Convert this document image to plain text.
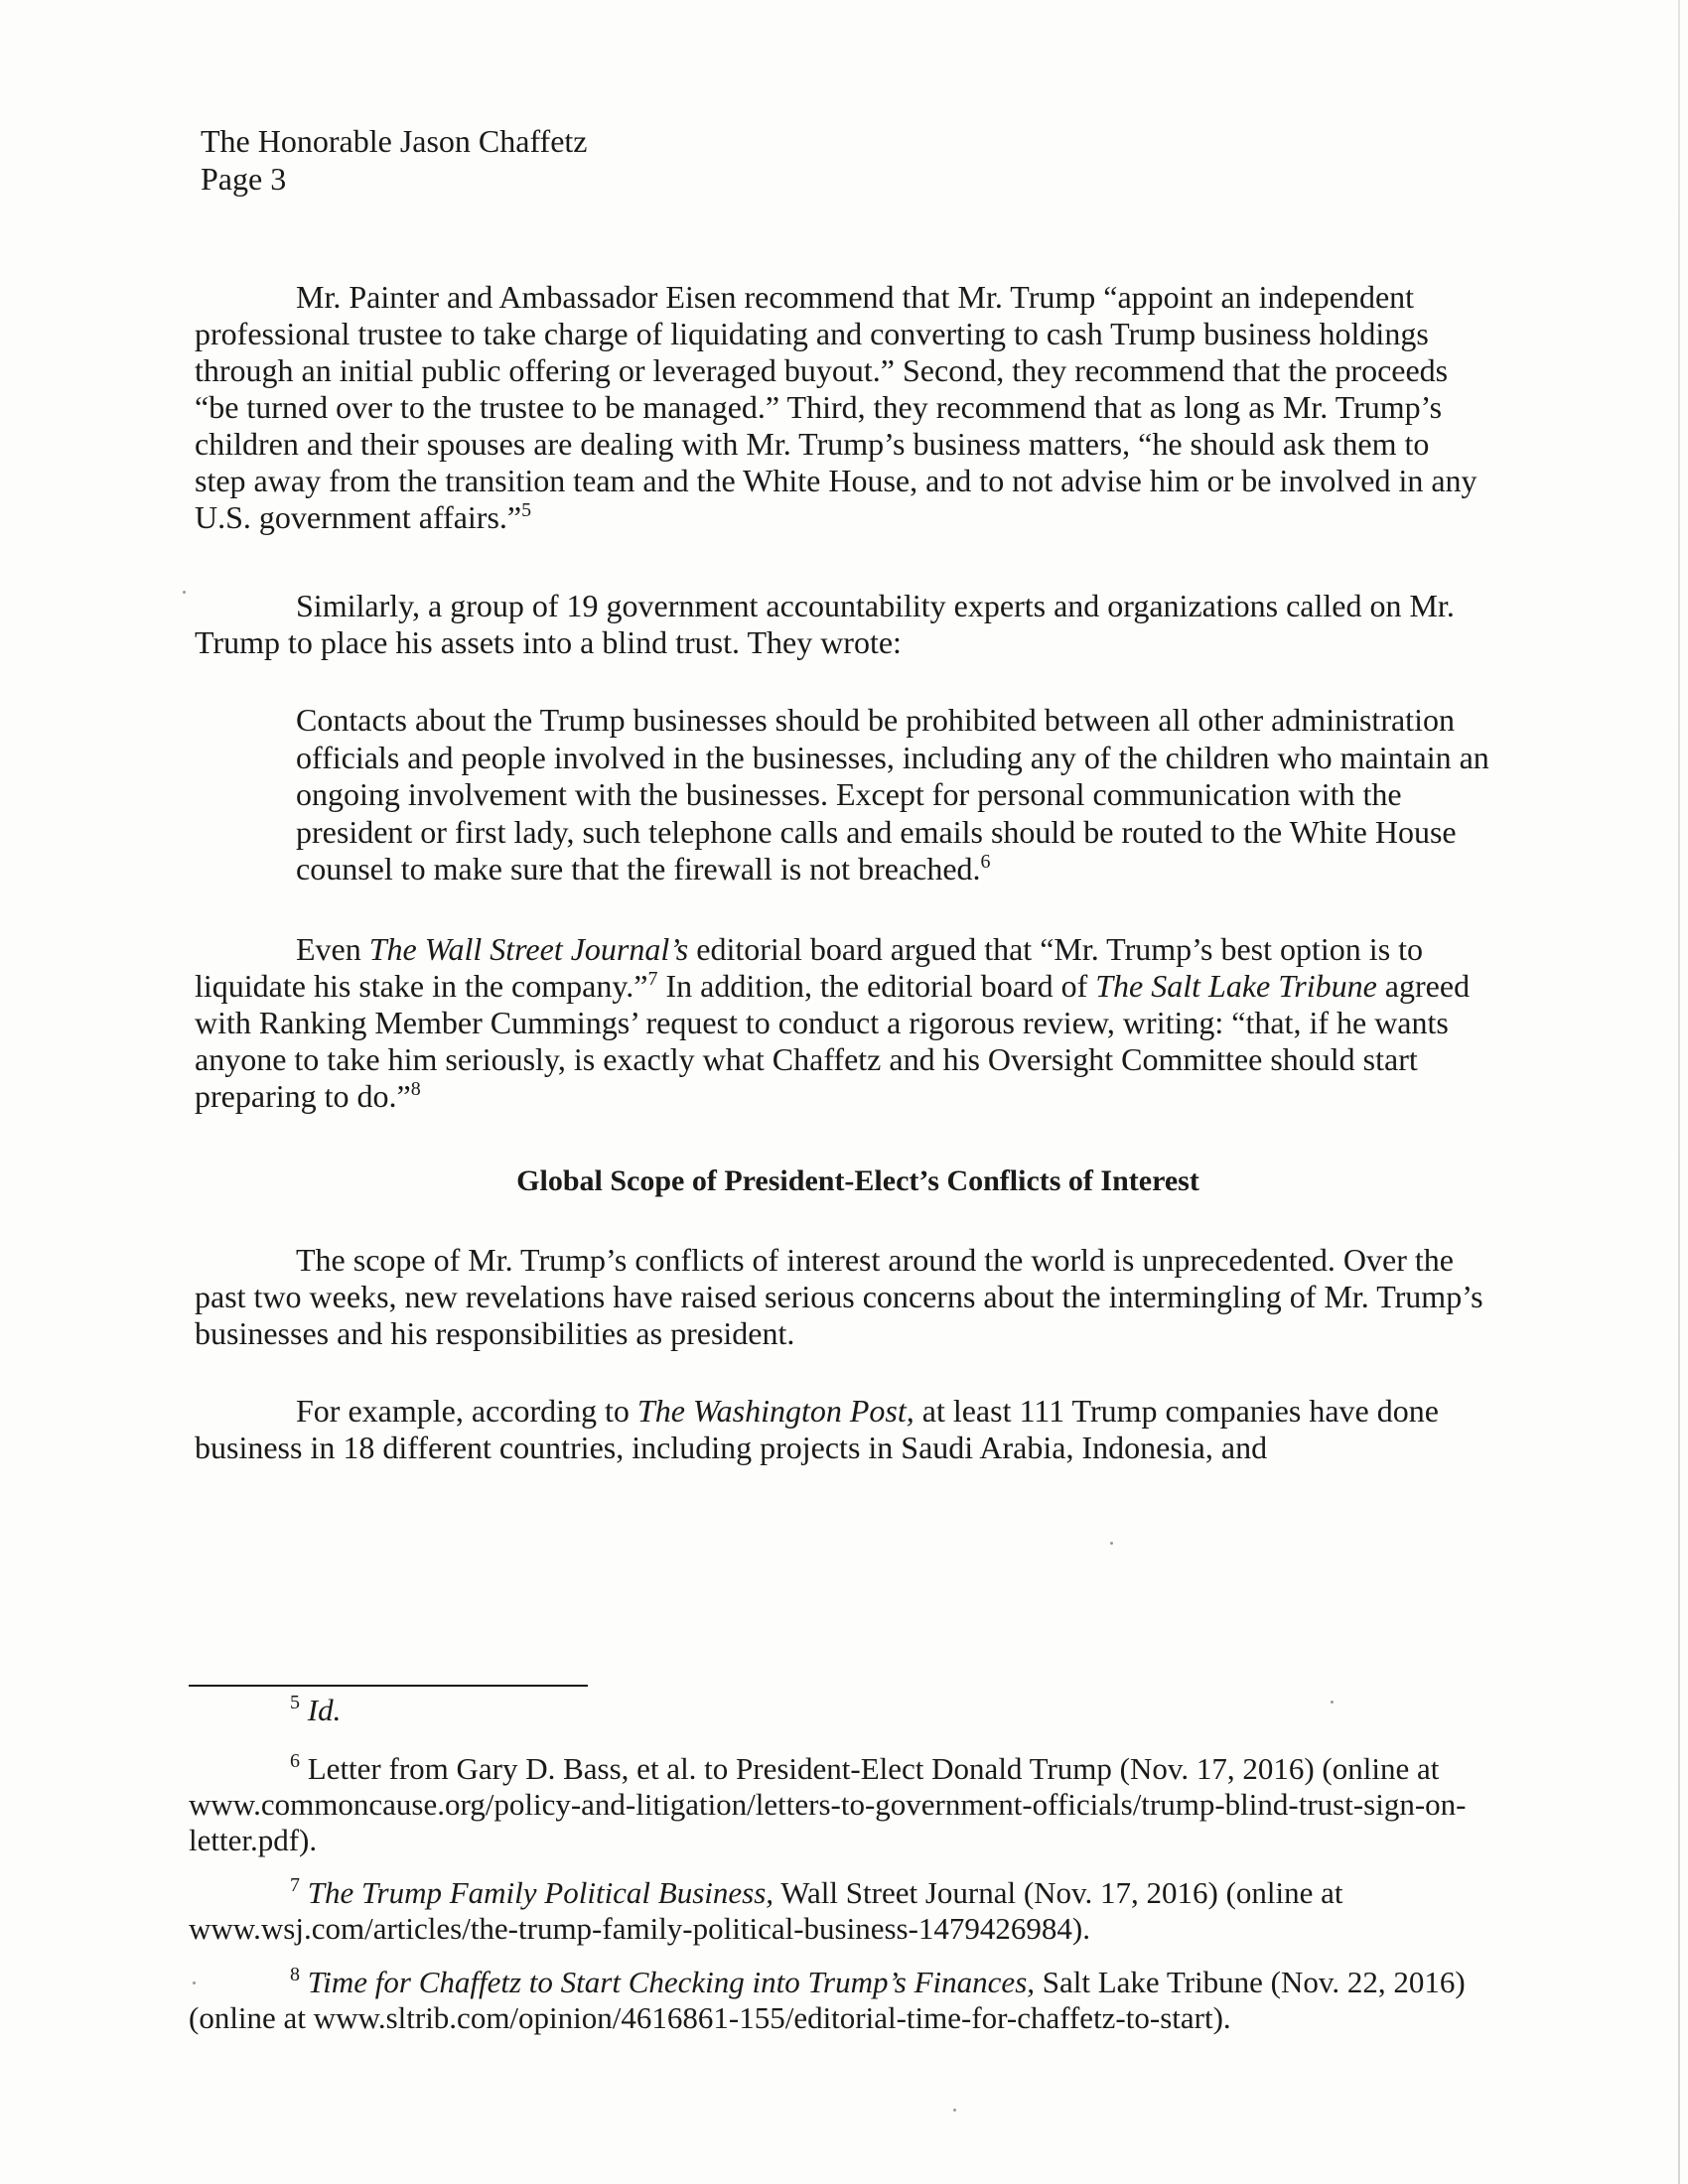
The Honorable Jason Chaffetz

Page 3

Mr. Painter and Ambassador Eisen recommend that Mr. Trump “appoint an independent professional trustee to take charge of liquidating and converting to cash Trump business holdings through an initial public offering or leveraged buyout.” Second, they recommend that the proceeds “be turned over to the trustee to be managed.” Third, they recommend that as long as Mr. Trump’s children and their spouses are dealing with Mr. Trump’s business matters, “he should ask them to step away from the transition team and the White House, and to not advise him or be involved in any U.S. government affairs.”$^5$

Similarly, a group of 19 government accountability experts and organizations called on Mr. Trump to place his assets into a blind trust. They wrote:

Contacts about the Trump businesses should be prohibited between all other administration officials and people involved in the businesses, including any of the children who maintain an ongoing involvement with the businesses. Except for personal communication with the president or first lady, such telephone calls and emails should be routed to the White House counsel to make sure that the firewall is not breached.$^6$

Even The Wall Street Journal’s editorial board argued that “Mr. Trump’s best option is to liquidate his stake in the company.”$^7$ In addition, the editorial board of The Salt Lake Tribune agreed with Ranking Member Cummings’ request to conduct a rigorous review, writing: “that, if he wants anyone to take him seriously, is exactly what Chaffetz and his Oversight Committee should start preparing to do.”$^8$

Global Scope of President-Elect’s Conflicts of Interest

The scope of Mr. Trump’s conflicts of interest around the world is unprecedented. Over the past two weeks, new revelations have raised serious concerns about the intermingling of Mr. Trump’s businesses and his responsibilities as president.

For example, according to The Washington Post, at least 111 Trump companies have done business in 18 different countries, including projects in Saudi Arabia, Indonesia, and

$^5$ Id.

$^6$ Letter from Gary D. Bass, et al. to President-Elect Donald Trump (Nov. 17, 2016) (online at www.commoncause.org/policy-and-litigation/letters-to-government-officials/trump-blind-trust-sign-on-letter.pdf).

$^7$ The Trump Family Political Business, Wall Street Journal (Nov. 17, 2016) (online at www.wsj.com/articles/the-trump-family-political-business-1479426984).

$^8$ Time for Chaffetz to Start Checking into Trump’s Finances, Salt Lake Tribune (Nov. 22, 2016) (online at www.sltrib.com/opinion/4616861-155/editorial-time-for-chaffetz-to-start).
